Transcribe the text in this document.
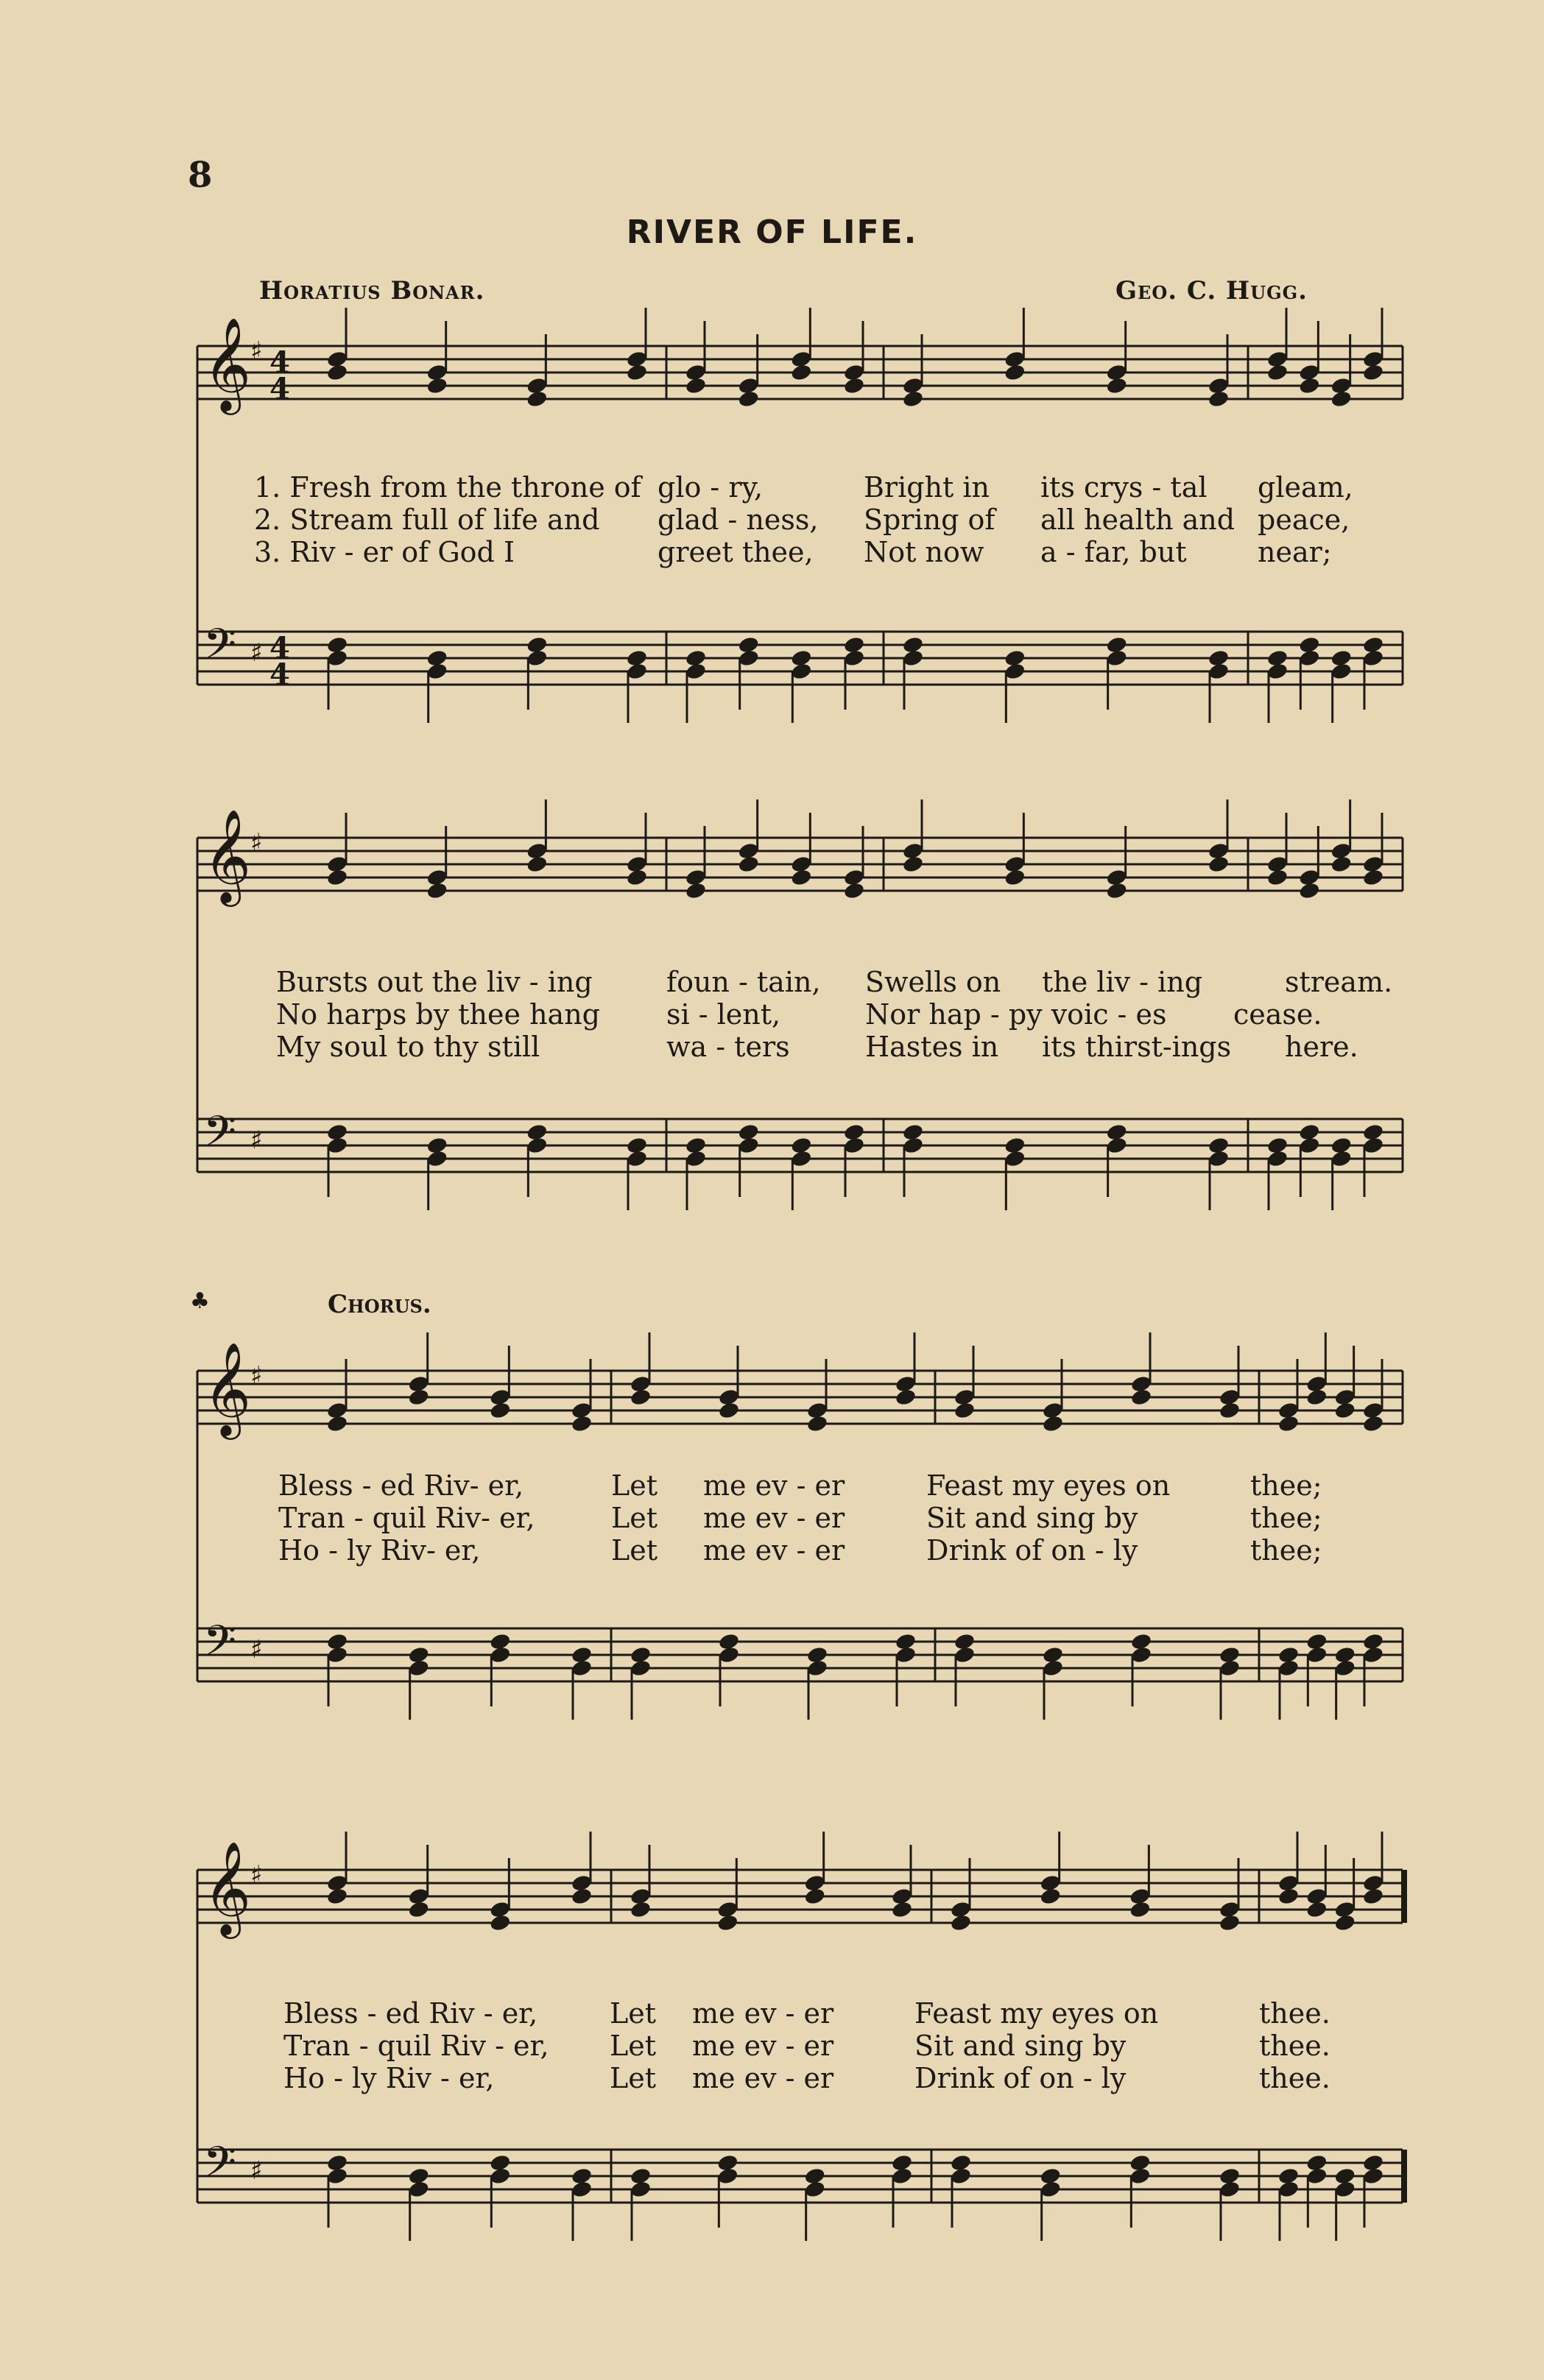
8
RIVER OF LIFE.
Horatius Bonar.	Geo. C. Hugg.
♣	Chorus.
𝄞
♯ 4
4
𝄢 ♯ 4
4
𝄞
♯
𝄢 ♯
𝄞
♯
𝄢 ♯
𝄞
♯
𝄢 ♯
1. Fresh from the throne of glo - ry,	Bright in	its crys - tal	gleam,
2. Stream full of life and	glad - ness,	Spring of	all health and peace,
3. Riv - er of God I	greet thee,	Not now	a - far, but	near;
Bursts out the liv - ing	foun - tain,	Swells on	the liv - ing	stream.
No harps by thee hang	si - lent,	Nor hap - py voic - es	cease.
My soul to thy still	wa - ters	Hastes in	its thirst-ings	here.
Bless - ed Riv- er,	Let	me ev - er	Feast my eyes on	thee;
Tran - quil Riv- er,	Let	me ev - er	Sit and sing by	thee;
Ho - ly Riv- er,	Let	me ev - er	Drink of on - ly	thee;
Bless - ed Riv - er,	Let	me ev - er	Feast my eyes on	thee.
Tran - quil Riv - er,	Let	me ev - er	Sit and sing by	thee.
Ho - ly Riv - er,	Let	me ev - er	Drink of on - ly	thee.
